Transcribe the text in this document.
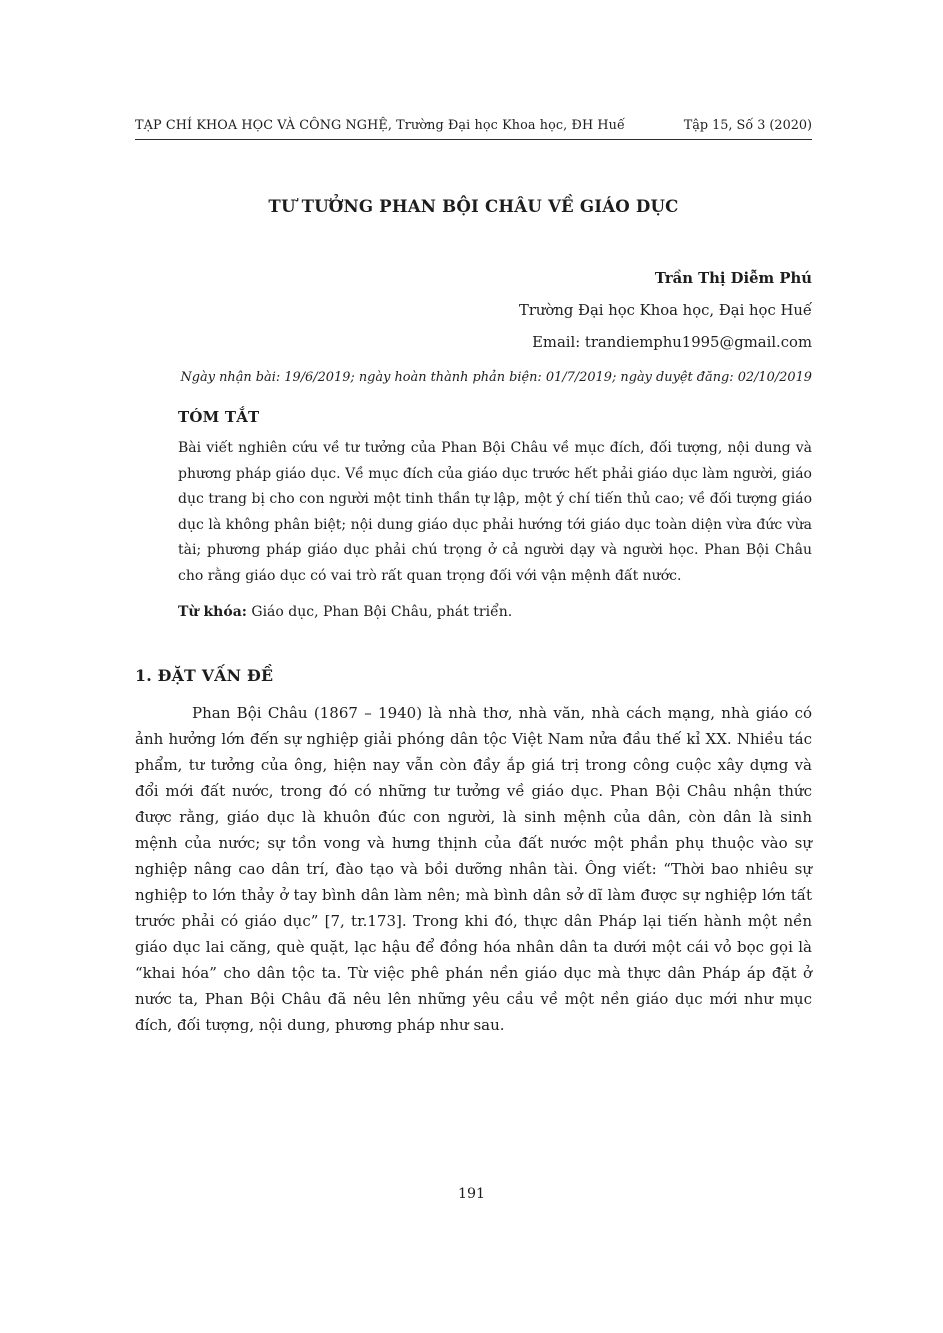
TẠP CHÍ KHOA HỌC VÀ CÔNG NGHỆ, Trường Đại học Khoa học, ĐH Huế	Tập 15, Số 3 (2020)
TƯ TƯỞNG PHAN BỘI CHÂU VỀ GIÁO DỤC
Trần Thị Diễm Phú
Trường Đại học Khoa học, Đại học Huế
Email: trandiemphu1995@gmail.com
Ngày nhận bài: 19/6/2019; ngày hoàn thành phản biện: 01/7/2019; ngày duyệt đăng: 02/10/2019
TÓM TẮT

Bài viết nghiên cứu về tư tưởng của Phan Bội Châu về mục đích, đối tượng, nội dung và phương pháp giáo dục. Về mục đích của giáo dục trước hết phải giáo dục làm người, giáo dục trang bị cho con người một tinh thần tự lập, một ý chí tiến thủ cao; về đối tượng giáo dục là không phân biệt; nội dung giáo dục phải hướng tới giáo dục toàn diện vừa đức vừa tài; phương pháp giáo dục phải chú trọng ở cả người dạy và người học. Phan Bội Châu cho rằng giáo dục có vai trò rất quan trọng đối với vận mệnh đất nước.

Từ khóa: Giáo dục, Phan Bội Châu, phát triển.

1. ĐẶT VẤN ĐỀ

Phan Bội Châu (1867 – 1940) là nhà thơ, nhà văn, nhà cách mạng, nhà giáo có ảnh hưởng lớn đến sự nghiệp giải phóng dân tộc Việt Nam nửa đầu thế kỉ XX. Nhiều tác phẩm, tư tưởng của ông, hiện nay vẫn còn đầy ắp giá trị trong công cuộc xây dựng và đổi mới đất nước, trong đó có những tư tưởng về giáo dục. Phan Bội Châu nhận thức được rằng, giáo dục là khuôn đúc con người, là sinh mệnh của dân, còn dân là sinh mệnh của nước; sự tồn vong và hưng thịnh của đất nước một phần phụ thuộc vào sự nghiệp nâng cao dân trí, đào tạo và bồi dưỡng nhân tài. Ông viết: “Thời bao nhiêu sự nghiệp to lớn thảy ở tay bình dân làm nên; mà bình dân sở dĩ làm được sự nghiệp lớn tất trước phải có giáo dục” [7, tr.173]. Trong khi đó, thực dân Pháp lại tiến hành một nền giáo dục lai căng, què quặt, lạc hậu để đồng hóa nhân dân ta dưới một cái vỏ bọc gọi là “khai hóa” cho dân tộc ta. Từ việc phê phán nền giáo dục mà thực dân Pháp áp đặt ở nước ta, Phan Bội Châu đã nêu lên những yêu cầu về một nền giáo dục mới như mục đích, đối tượng, nội dung, phương pháp như sau.

191
